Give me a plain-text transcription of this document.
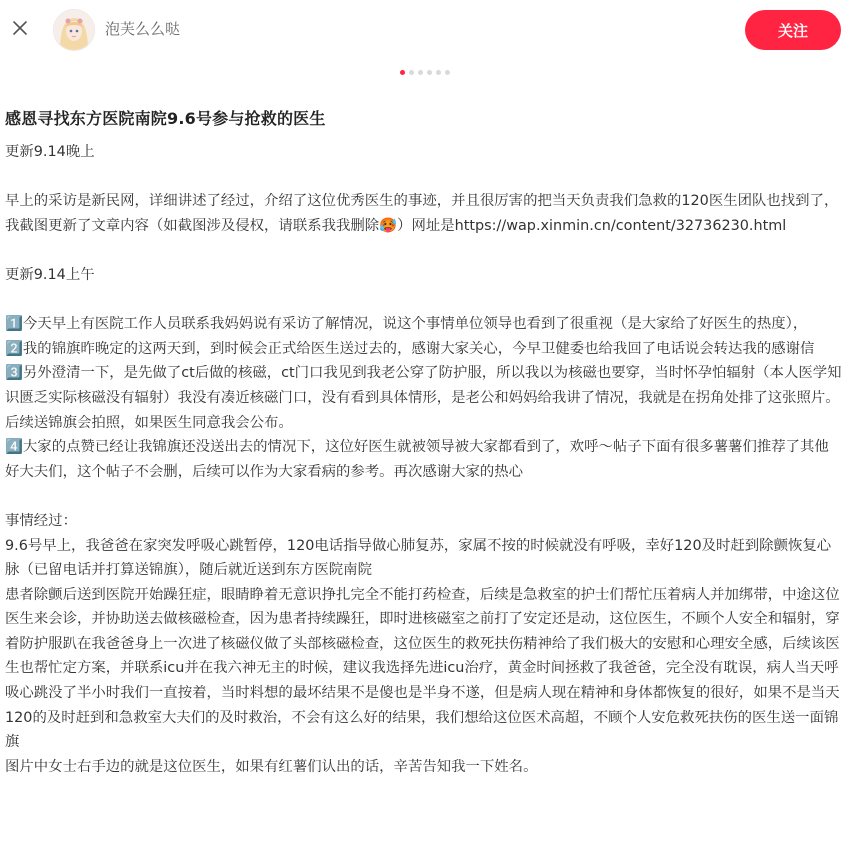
泡芙么么哒	关注
感恩寻找东方医院南院9.6号参与抢救的医生
更新9.14晚上

早上的采访是新民网，详细讲述了经过，介绍了这位优秀医生的事迹，并且很厉害的把当天负责我们急救的120医生团队也找到了，我截图更新了文章内容（如截图涉及侵权，请联系我我删除🥵）网址是https://wap.xinmin.cn/content/32736230.html

更新9.14上午

1️⃣今天早上有医院工作人员联系我妈妈说有采访了解情况，说这个事情单位领导也看到了很重视（是大家给了好医生的热度），
2️⃣我的锦旗昨晚定的这两天到，到时候会正式给医生送过去的，感谢大家关心，今早卫健委也给我回了电话说会转达我的感谢信
3️⃣另外澄清一下，是先做了ct后做的核磁，ct门口我见到我老公穿了防护服，所以我以为核磁也要穿，当时怀孕怕辐射（本人医学知识匮乏实际核磁没有辐射）我没有凑近核磁门口，没有看到具体情形，是老公和妈妈给我讲了情况，我就是在拐角处排了这张照片。后续送锦旗会拍照，如果医生同意我会公布。
4️⃣大家的点赞已经让我锦旗还没送出去的情况下，这位好医生就被领导被大家都看到了，欢呼～帖子下面有很多薯薯们推荐了其他好大夫们，这个帖子不会删，后续可以作为大家看病的参考。再次感谢大家的热心

事情经过：
9.6号早上，我爸爸在家突发呼吸心跳暂停，120电话指导做心肺复苏，家属不按的时候就没有呼吸，幸好120及时赶到除颤恢复心脉（已留电话并打算送锦旗），随后就近送到东方医院南院
患者除颤后送到医院开始躁狂症，眼睛睁着无意识挣扎完全不能打药检查，后续是急救室的护士们帮忙压着病人并加绑带，中途这位医生来会诊，并协助送去做核磁检查，因为患者持续躁狂，即时进核磁室之前打了安定还是动，这位医生，不顾个人安全和辐射，穿着防护服趴在我爸爸身上一次进了核磁仪做了头部核磁检查，这位医生的救死扶伤精神给了我们极大的安慰和心理安全感，后续该医生也帮忙定方案，并联系icu并在我六神无主的时候，建议我选择先进icu治疗，黄金时间拯救了我爸爸，完全没有耽误，病人当天呼吸心跳没了半小时我们一直按着，当时料想的最坏结果不是傻也是半身不遂，但是病人现在精神和身体都恢复的很好，如果不是当天120的及时赶到和急救室大夫们的及时救治，不会有这么好的结果，我们想给这位医术高超，不顾个人安危救死扶伤的医生送一面锦旗
图片中女士右手边的就是这位医生，如果有红薯们认出的话，辛苦告知我一下姓名。
